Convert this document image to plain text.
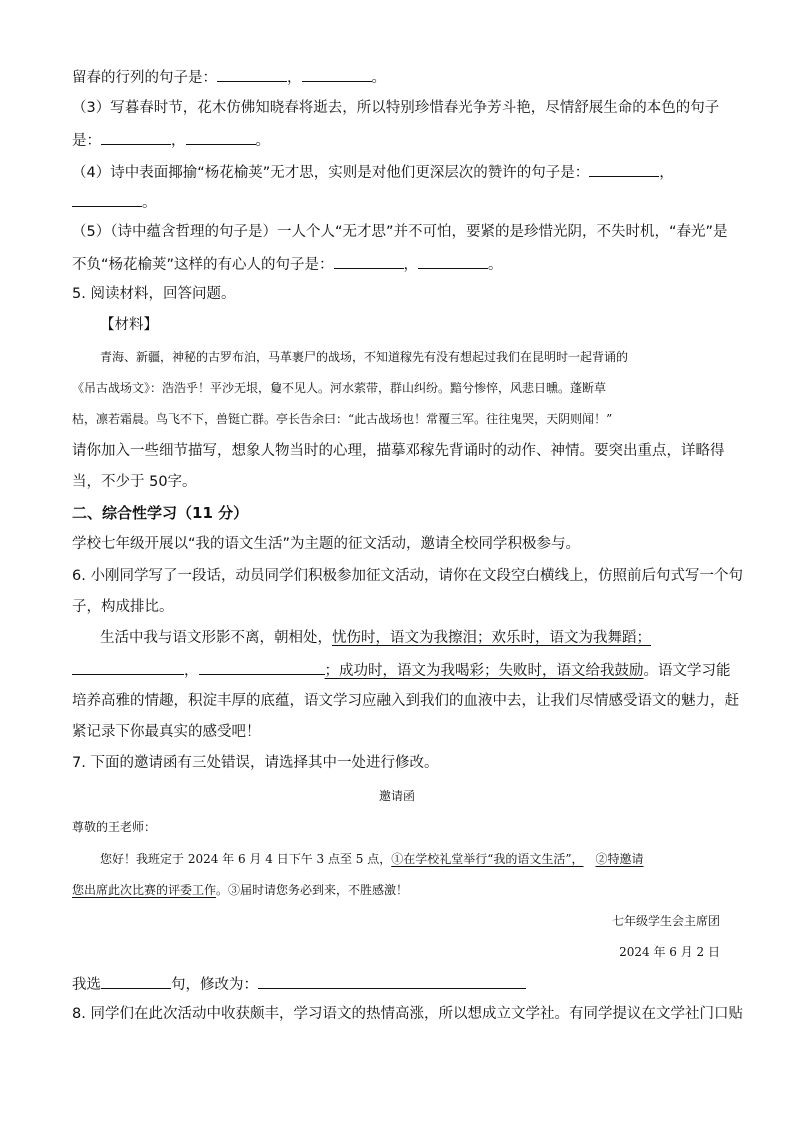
留春的行列的句子是：	，	。
（3）写暮春时节，花木仿佛知晓春将逝去，所以特别珍惜春光争芳斗艳，尽情舒展生命的本色的句子
是：	，	。
（4）诗中表面揶揄“杨花榆荚”无才思，实则是对他们更深层次的赞许的句子是：	，
。
（5）（诗中蕴含哲理的句子是）一人个人“无才思”并不可怕，要紧的是珍惜光阴，不失时机，“春光”是
不负“杨花榆荚”这样的有心人的句子是：	，	。
5. 阅读材料，回答问题。
【材料】
青海、新疆，神秘的古罗布泊，马革裹尸的战场，不知道稼先有没有想起过我们在昆明时一起背诵的
《吊古战场文》：浩浩乎！平沙无垠，敻不见人。河水萦带，群山纠纷。黯兮惨悴，风悲日曛。蓬断草
枯，凛若霜晨。鸟飞不下，兽铤亡群。亭长告余曰：“此古战场也！常覆三军。往往鬼哭，天阴则闻！”
请你加入一些细节描写，想象人物当时的心理，描摹邓稼先背诵时的动作、神情。要突出重点，详略得
当，不少于 50字。
二、综合性学习（11 分）
学校七年级开展以“我的语文生活”为主题的征文活动，邀请全校同学积极参与。
6. 小刚同学写了一段话，动员同学们积极参加征文活动，请你在文段空白横线上，仿照前后句式写一个句
子，构成排比。
生活中我与语文形影不离，朝相处，忧伤时，语文为我擦泪；欢乐时，语文为我舞蹈；
，	；成功时，语文为我喝彩；失败时，语文给我鼓励。语文学习能
培养高雅的情趣，积淀丰厚的底蕴，语文学习应融入到我们的血液中去，让我们尽情感受语文的魅力，赶
紧记录下你最真实的感受吧！
7. 下面的邀请函有三处错误，请选择其中一处进行修改。
邀请函
尊敬的王老师：
您好！我班定于 2024 年 6 月 4 日下午 3 点至 5 点，①在学校礼堂举行“我的语文生活”， ②特邀请
您出席此次比赛的评委工作。③届时请您务必到来，不胜感激！
七年级学生会主席团
2024 年 6 月 2 日
我选	句，修改为：
8. 同学们在此次活动中收获颇丰，学习语文的热情高涨，所以想成立文学社。有同学提议在文学社门口贴
